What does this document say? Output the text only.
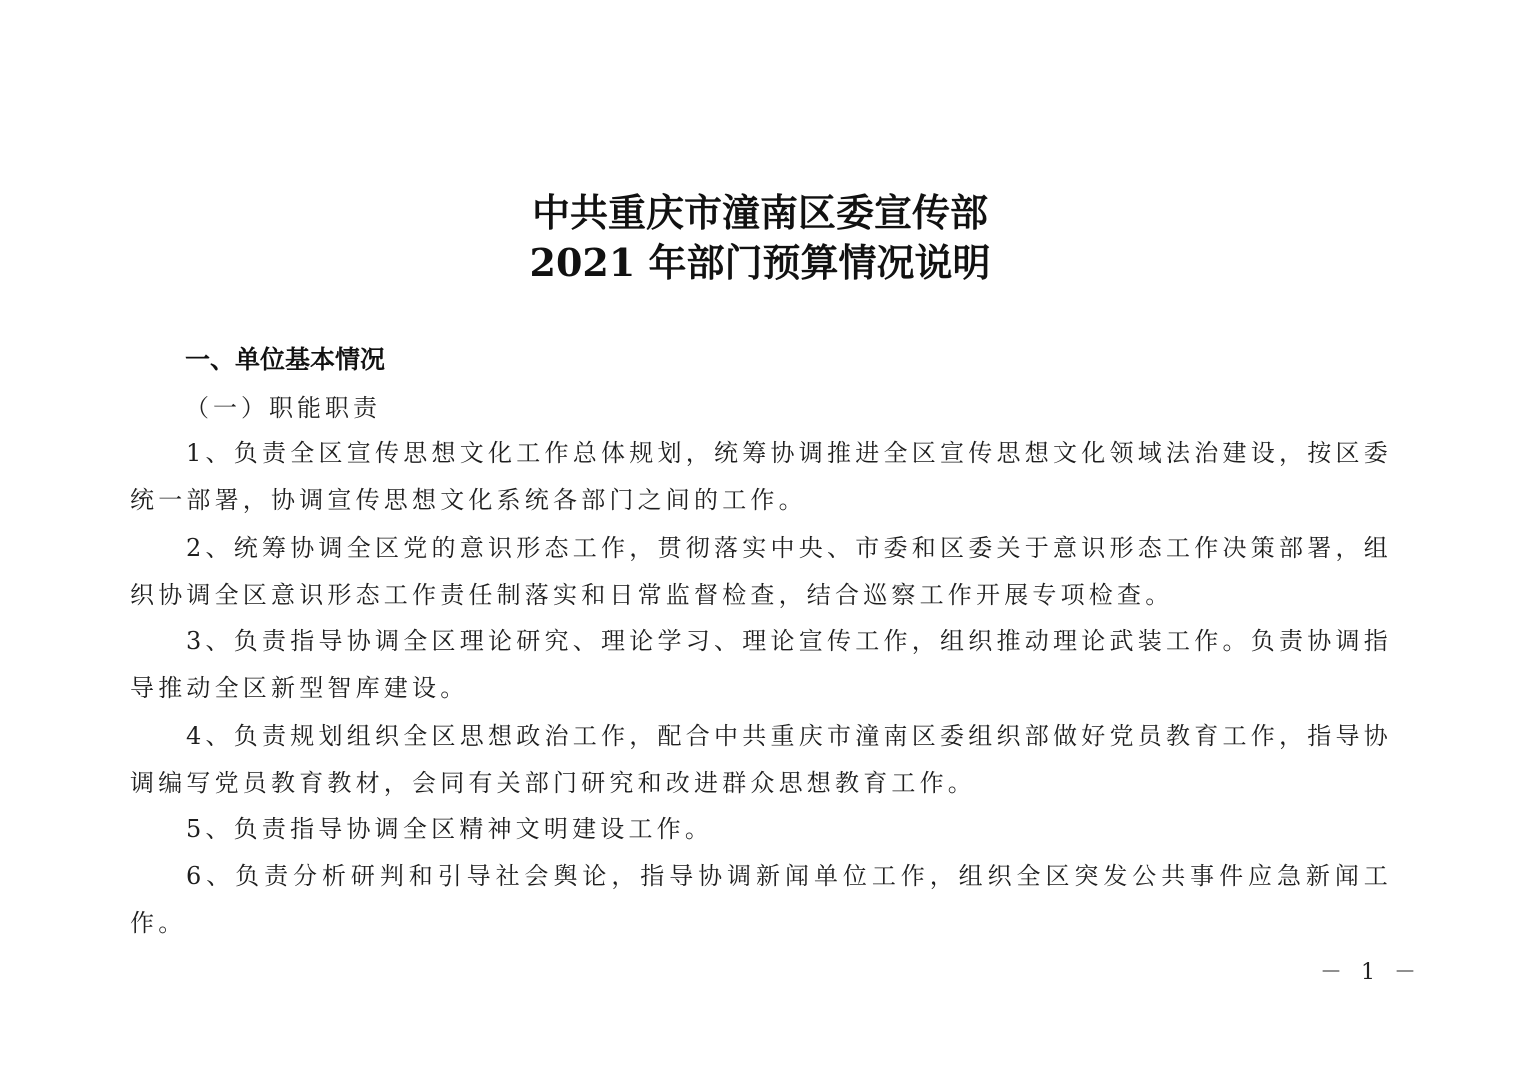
中共重庆市潼南区委宣传部
2021 年部门预算情况说明
一、单位基本情况
（一）职能职责
1、负责全区宣传思想文化工作总体规划，统筹协调推进全区宣传思想文化领域法治建设，按区委统一部署，协调宣传思想文化系统各部门之间的工作。
2、统筹协调全区党的意识形态工作，贯彻落实中央、市委和区委关于意识形态工作决策部署，组织协调全区意识形态工作责任制落实和日常监督检查，结合巡察工作开展专项检查。
3、负责指导协调全区理论研究、理论学习、理论宣传工作，组织推动理论武装工作。负责协调指导推动全区新型智库建设。
4、负责规划组织全区思想政治工作，配合中共重庆市潼南区委组织部做好党员教育工作，指导协调编写党员教育教材，会同有关部门研究和改进群众思想教育工作。
5、负责指导协调全区精神文明建设工作。
6、负责分析研判和引导社会舆论，指导协调新闻单位工作，组织全区突发公共事件应急新闻工作。
－ 1 －
